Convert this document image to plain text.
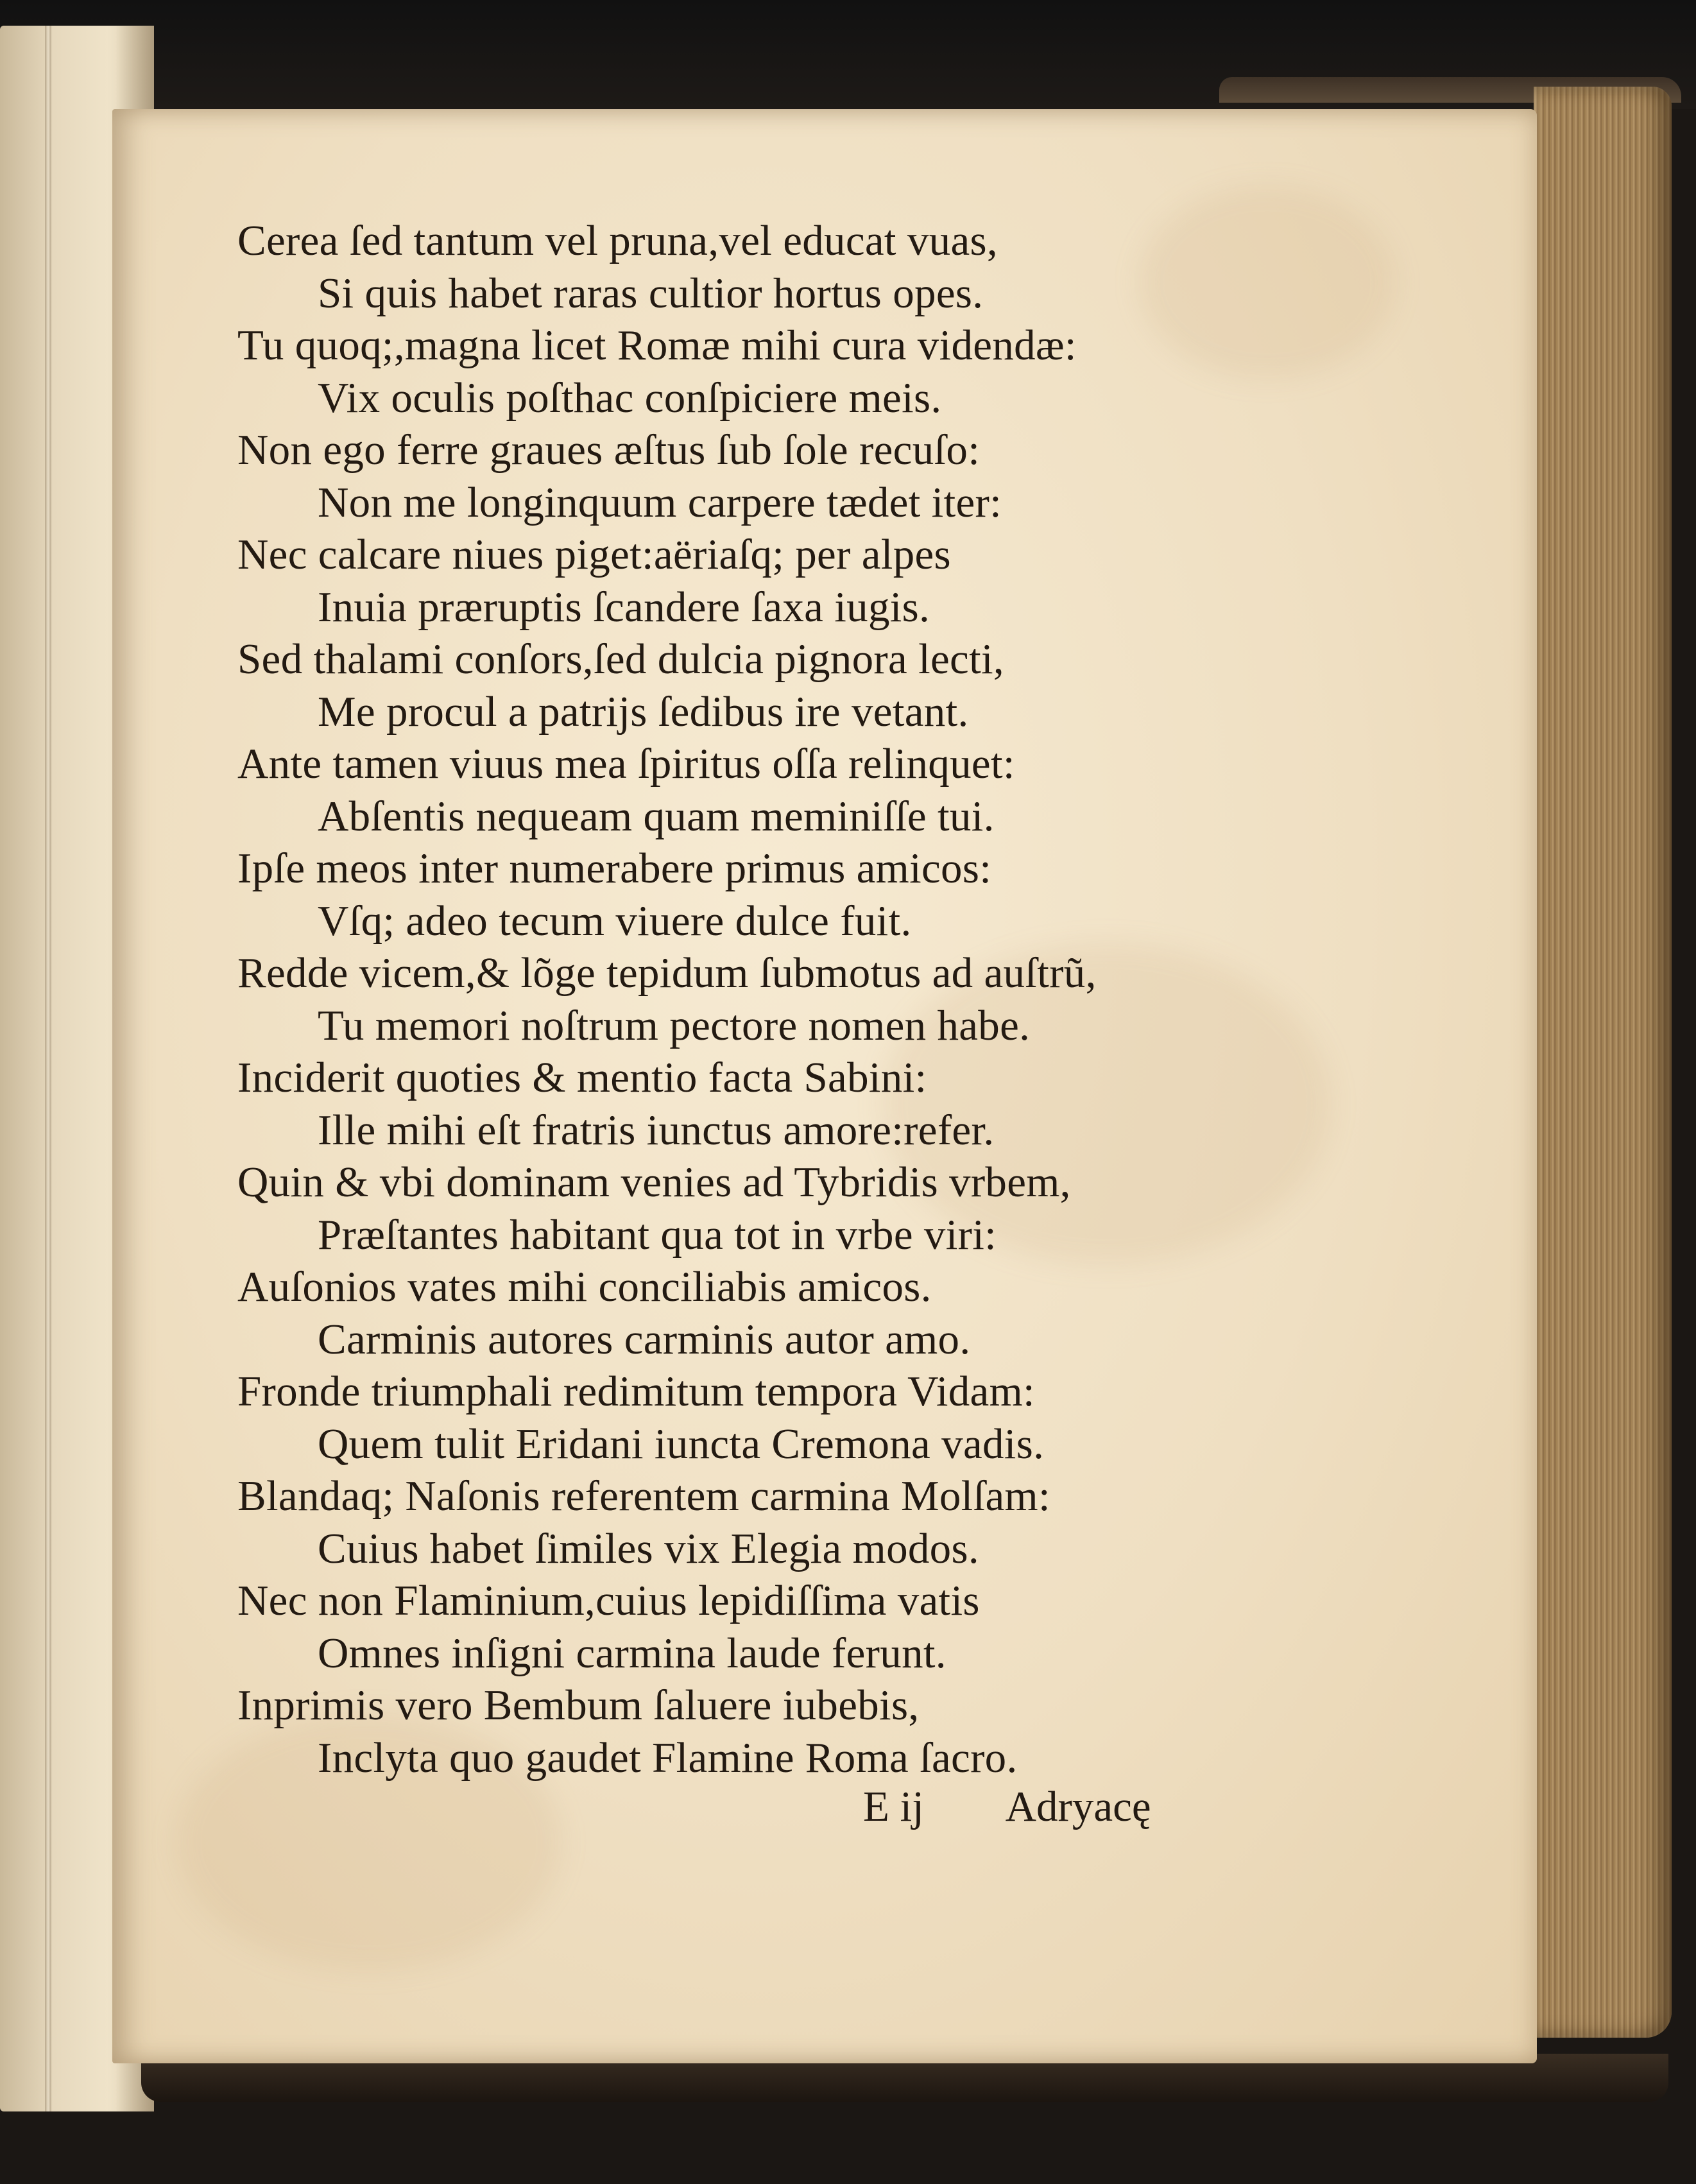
Cerea ſed tantum vel pruna,vel educat vuas,
Si quis habet raras cultior hortus opes.
Tu quoq;,magna licet Romæ mihi cura videndæ:
Vix oculis poſthac conſpiciere meis.
Non ego ferre graues æſtus ſub ſole recuſo:
Non me longinquum carpere tædet iter:
Nec calcare niues piget:aëriaſq; per alpes
Inuia præruptis ſcandere ſaxa iugis.
Sed thalami conſors,ſed dulcia pignora lecti,
Me procul a patrijs ſedibus ire vetant.
Ante tamen viuus mea ſpiritus oſſa relinquet:
Abſentis nequeam quam meminiſſe tui.
Ipſe meos inter numerabere primus amicos:
Vſq; adeo tecum viuere dulce fuit.
Redde vicem,& lõge tepidum ſubmotus ad auſtrũ,
Tu memori noſtrum pectore nomen habe.
Inciderit quoties & mentio facta Sabini:
Ille mihi eſt fratris iunctus amore:refer.
Quin & vbi dominam venies ad Tybridis vrbem,
Præſtantes habitant qua tot in vrbe viri:
Auſonios vates mihi conciliabis amicos.
Carminis autores carminis autor amo.
Fronde triumphali redimitum tempora Vidam:
Quem tulit Eridani iuncta Cremona vadis.
Blandaq; Naſonis referentem carmina Molſam:
Cuius habet ſimiles vix Elegia modos.
Nec non Flaminium,cuius lepidiſſima vatis
Omnes inſigni carmina laude ferunt.
Inprimis vero Bembum ſaluere iubebis,
Inclyta quo gaudet Flamine Roma ſacro.
E ij Adryacę
